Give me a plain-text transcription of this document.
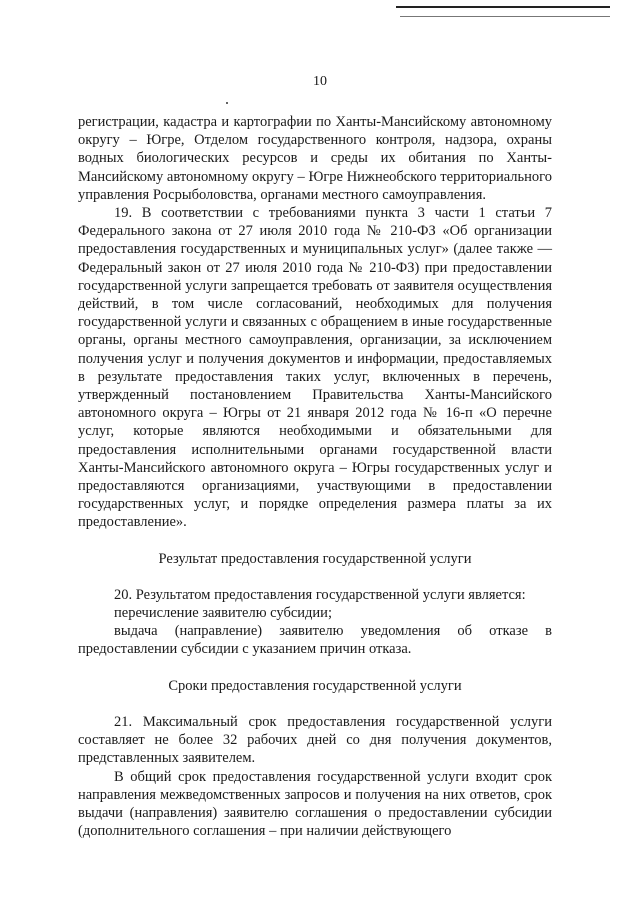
10

регистрации, кадастра и картографии по Ханты-Мансийскому автономному округу – Югре, Отделом государственного контроля, надзора, охраны водных биологических ресурсов и среды их обитания по Ханты-Мансийскому автономному округу – Югре Нижнеобского территориального управления Росрыболовства, органами местного самоуправления.

19. В соответствии с требованиями пункта 3 части 1 статьи 7 Федерального закона от 27 июля 2010 года № 210-ФЗ «Об организации предоставления государственных и муниципальных услуг» (далее также — Федеральный закон от 27 июля 2010 года № 210-ФЗ) при предоставлении государственной услуги запрещается требовать от заявителя осуществления действий, в том числе согласований, необходимых для получения государственной услуги и связанных с обращением в иные государственные органы, органы местного самоуправления, организации, за исключением получения услуг и получения документов и информации, предоставляемых в результате предоставления таких услуг, включенных в перечень, утвержденный постановлением Правительства Ханты-Мансийского автономного округа – Югры от 21 января 2012 года № 16-п «О перечне услуг, которые являются необходимыми и обязательными для предоставления исполнительными органами государственной власти Ханты-Мансийского автономного округа – Югры государственных услуг и предоставляются организациями, участвующими в предоставлении государственных услуг, и порядке определения размера платы за их предоставление».

Результат предоставления государственной услуги

20. Результатом предоставления государственной услуги является:

перечисление заявителю субсидии;

выдача (направление) заявителю уведомления об отказе в предоставлении субсидии с указанием причин отказа.

Сроки предоставления государственной услуги

21. Максимальный срок предоставления государственной услуги составляет не более 32 рабочих дней со дня получения документов, представленных заявителем.

В общий срок предоставления государственной услуги входит срок направления межведомственных запросов и получения на них ответов, срок выдачи (направления) заявителю соглашения о предоставлении субсидии (дополнительного соглашения – при наличии действующего
